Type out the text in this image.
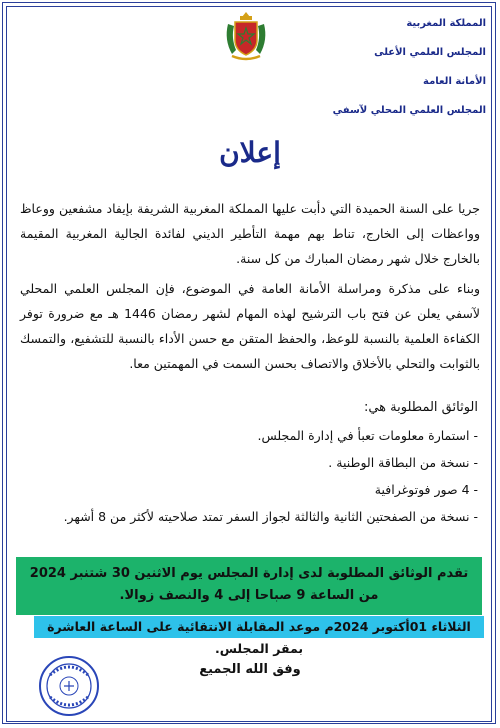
المملكة المغربية
المجلس العلمي الأعلى
الأمانة العامة
المجلس العلمي المحلي لآسفي
إعلان
جريا على السنة الحميدة التي دأبت عليها المملكة المغربية الشريفة بإيفاد مشفعين ووعاظ وواعظات إلى الخارج، تناط بهم مهمة التأطير الديني لفائدة الجالية المغربية المقيمة بالخارج خلال شهر رمضان المبارك من كل سنة.
وبناء على مذكرة ومراسلة الأمانة العامة في الموضوع، فإن المجلس العلمي المحلي لآسفي يعلن عن فتح باب الترشيح لهذه المهام لشهر رمضان 1446 هـ مع ضرورة توفر الكفاءة العلمية بالنسبة للوعظ، والحفظ المتقن مع حسن الأداء بالنسبة للتشفيع، والتمسك بالثوابت والتحلي بالأخلاق والاتصاف بحسن السمت في المهمتين معا.
الوثائق المطلوبة هي:
- استمارة معلومات تعبأ في إدارة المجلس.
- نسخة من البطاقة الوطنية .
- 4 صور فوتوغرافية
- نسخة من الصفحتين الثانية والثالثة لجواز السفر تمتد صلاحيته لأكثر من 8 أشهر.
تقدم الوثائق المطلوبة لدى إدارة المجلس يوم الاثنين 30 شتنبر 2024
من الساعة 9 صباحا إلى 4 والنصف زوالا.
الثلاثاء 01أكتوبر 2024م موعد المقابلة الانتقائية على الساعة العاشرة بمقر المجلس.
وفق الله الجميع
